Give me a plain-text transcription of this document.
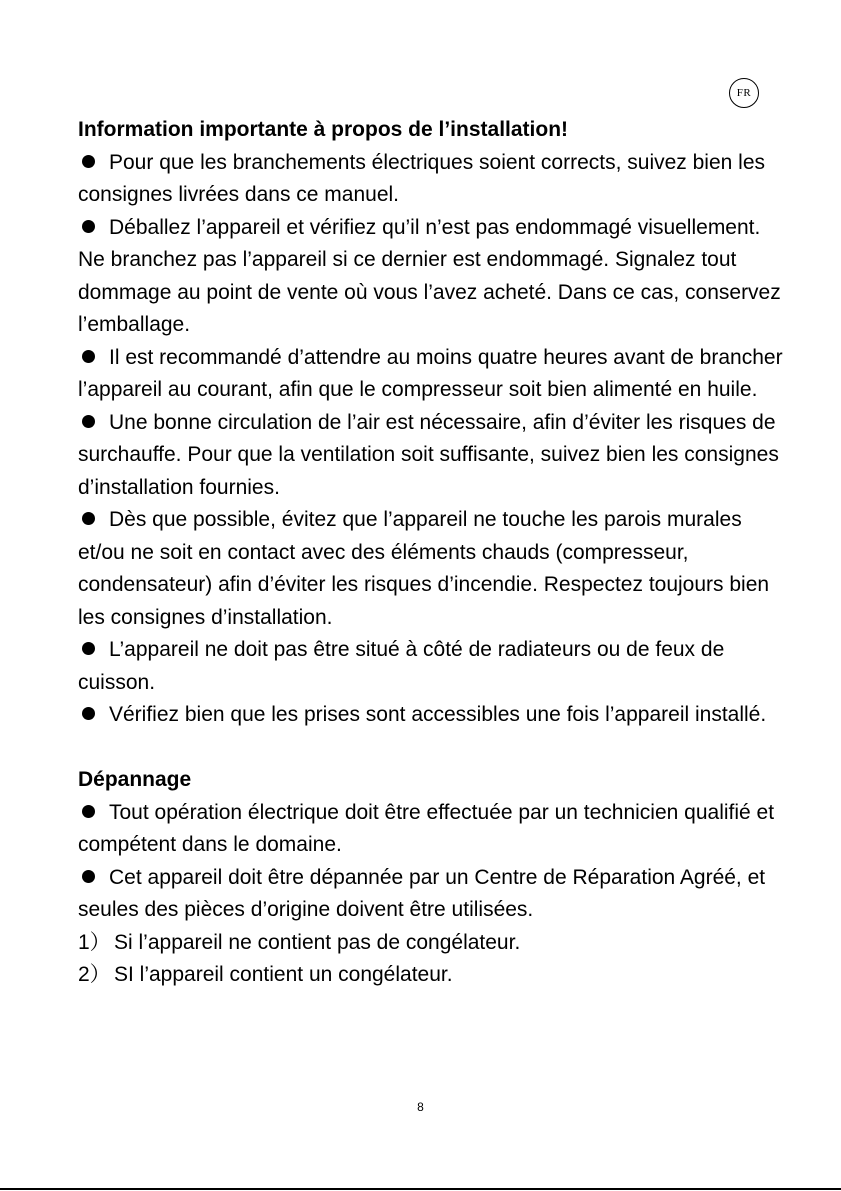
FR

Information importante à propos de l’installation!

Pour que les branchements électriques soient corrects, suivez bien les consignes livrées dans ce manuel.

Déballez l’appareil et vérifiez qu’il n’est pas endommagé visuellement. Ne branchez pas l’appareil si ce dernier est endommagé. Signalez tout dommage au point de vente où vous l’avez acheté. Dans ce cas, conservez l’emballage.

Il est recommandé d’attendre au moins quatre heures avant de brancher l’appareil au courant, afin que le compresseur soit bien alimenté en huile.

Une bonne circulation de l’air est nécessaire, afin d’éviter les risques de surchauffe. Pour que la ventilation soit suffisante, suivez bien les consignes d’installation fournies.

Dès que possible, évitez que l’appareil ne touche les parois murales et/ou ne soit en contact avec des éléments chauds (compresseur, condensateur) afin d’éviter les risques d’incendie. Respectez toujours bien les consignes d’installation.

L’appareil ne doit pas être situé à côté de radiateurs ou de feux de cuisson.

Vérifiez bien que les prises sont accessibles une fois l’appareil installé.

Dépannage

Tout opération électrique doit être effectuée par un technicien qualifié et compétent dans le domaine.

Cet appareil doit être dépannée par un Centre de Réparation Agréé, et seules des pièces d’origine doivent être utilisées.

1） Si l’appareil ne contient pas de congélateur.

2） SI l’appareil contient un congélateur.

8
